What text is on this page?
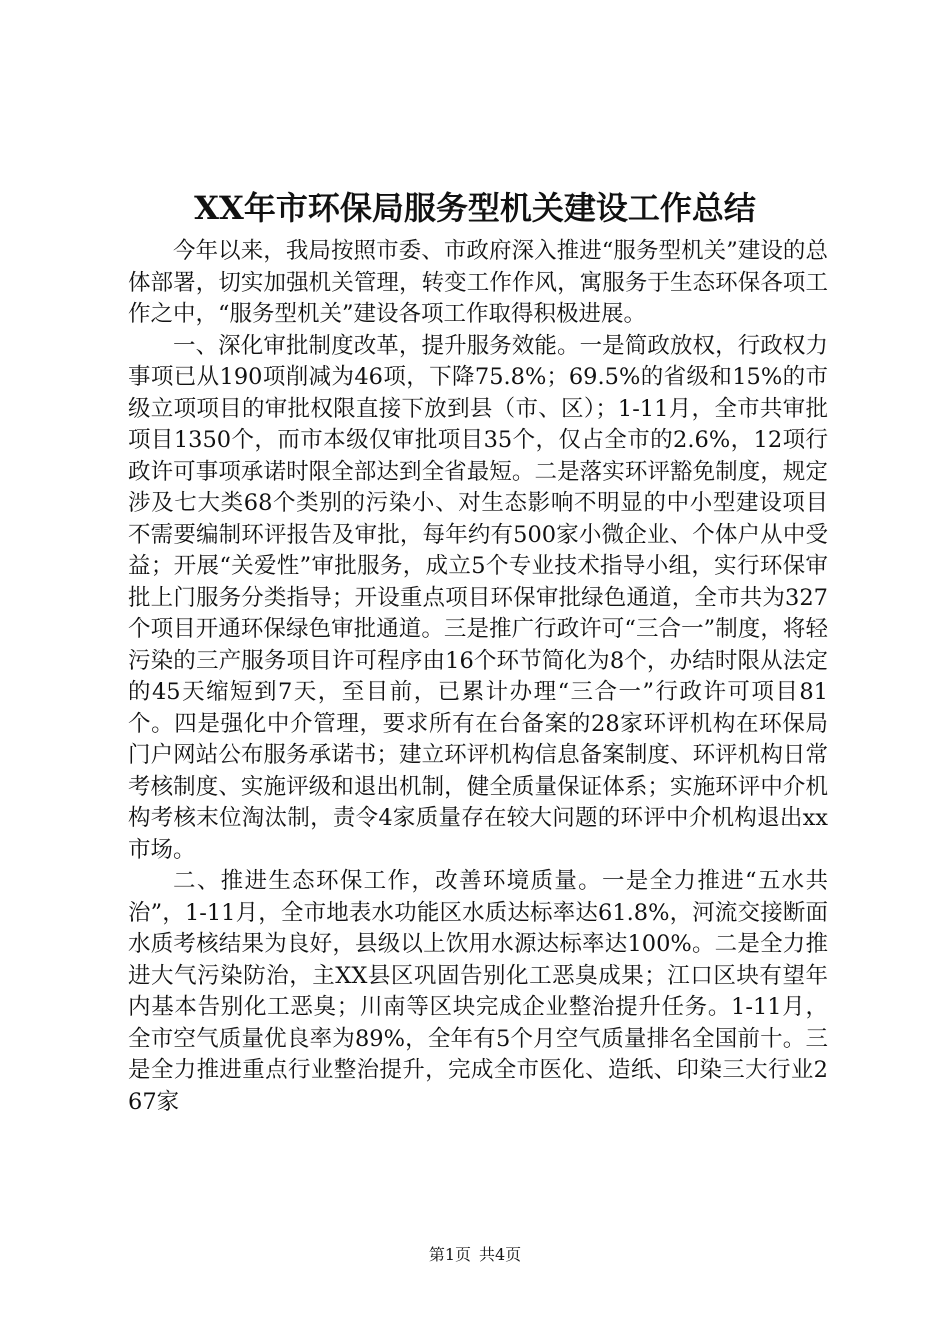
XX年市环保局服务型机关建设工作总结

今年以来，我局按照市委、市政府深入推进“服务型机关”建设的总体部署，切实加强机关管理，转变工作作风，寓服务于生态环保各项工作之中，“服务型机关”建设各项工作取得积极进展。

一、深化审批制度改革，提升服务效能。一是简政放权，行政权力事项已从190项削减为46项，下降75.8%；69.5%的省级和15%的市级立项项目的审批权限直接下放到县（市、区）；1-11月，全市共审批项目1350个，而市本级仅审批项目35个，仅占全市的2.6%，12项行政许可事项承诺时限全部达到全省最短。二是落实环评豁免制度，规定涉及七大类68个类别的污染小、对生态影响不明显的中小型建设项目不需要编制环评报告及审批，每年约有500家小微企业、个体户从中受益；开展“关爱性”审批服务，成立5个专业技术指导小组，实行环保审批上门服务分类指导；开设重点项目环保审批绿色通道，全市共为327个项目开通环保绿色审批通道。三是推广行政许可“三合一”制度，将轻污染的三产服务项目许可程序由16个环节简化为8个，办结时限从法定的45天缩短到7天，至目前，已累计办理“三合一”行政许可项目81个。四是强化中介管理，要求所有在台备案的28家环评机构在环保局门户网站公布服务承诺书；建立环评机构信息备案制度、环评机构日常考核制度、实施评级和退出机制，健全质量保证体系；实施环评中介机构考核末位淘汰制，责令4家质量存在较大问题的环评中介机构退出xx市场。

二、推进生态环保工作，改善环境质量。一是全力推进“五水共治”，1-11月，全市地表水功能区水质达标率达61.8%，河流交接断面水质考核结果为良好，县级以上饮用水源达标率达100%。二是全力推进大气污染防治，主XX县区巩固告别化工恶臭成果；江口区块有望年内基本告别化工恶臭；川南等区块完成企业整治提升任务。1-11月，全市空气质量优良率为89%，全年有5个月空气质量排名全国前十。三是全力推进重点行业整治提升，完成全市医化、造纸、印染三大行业267家

第1页 共4页
